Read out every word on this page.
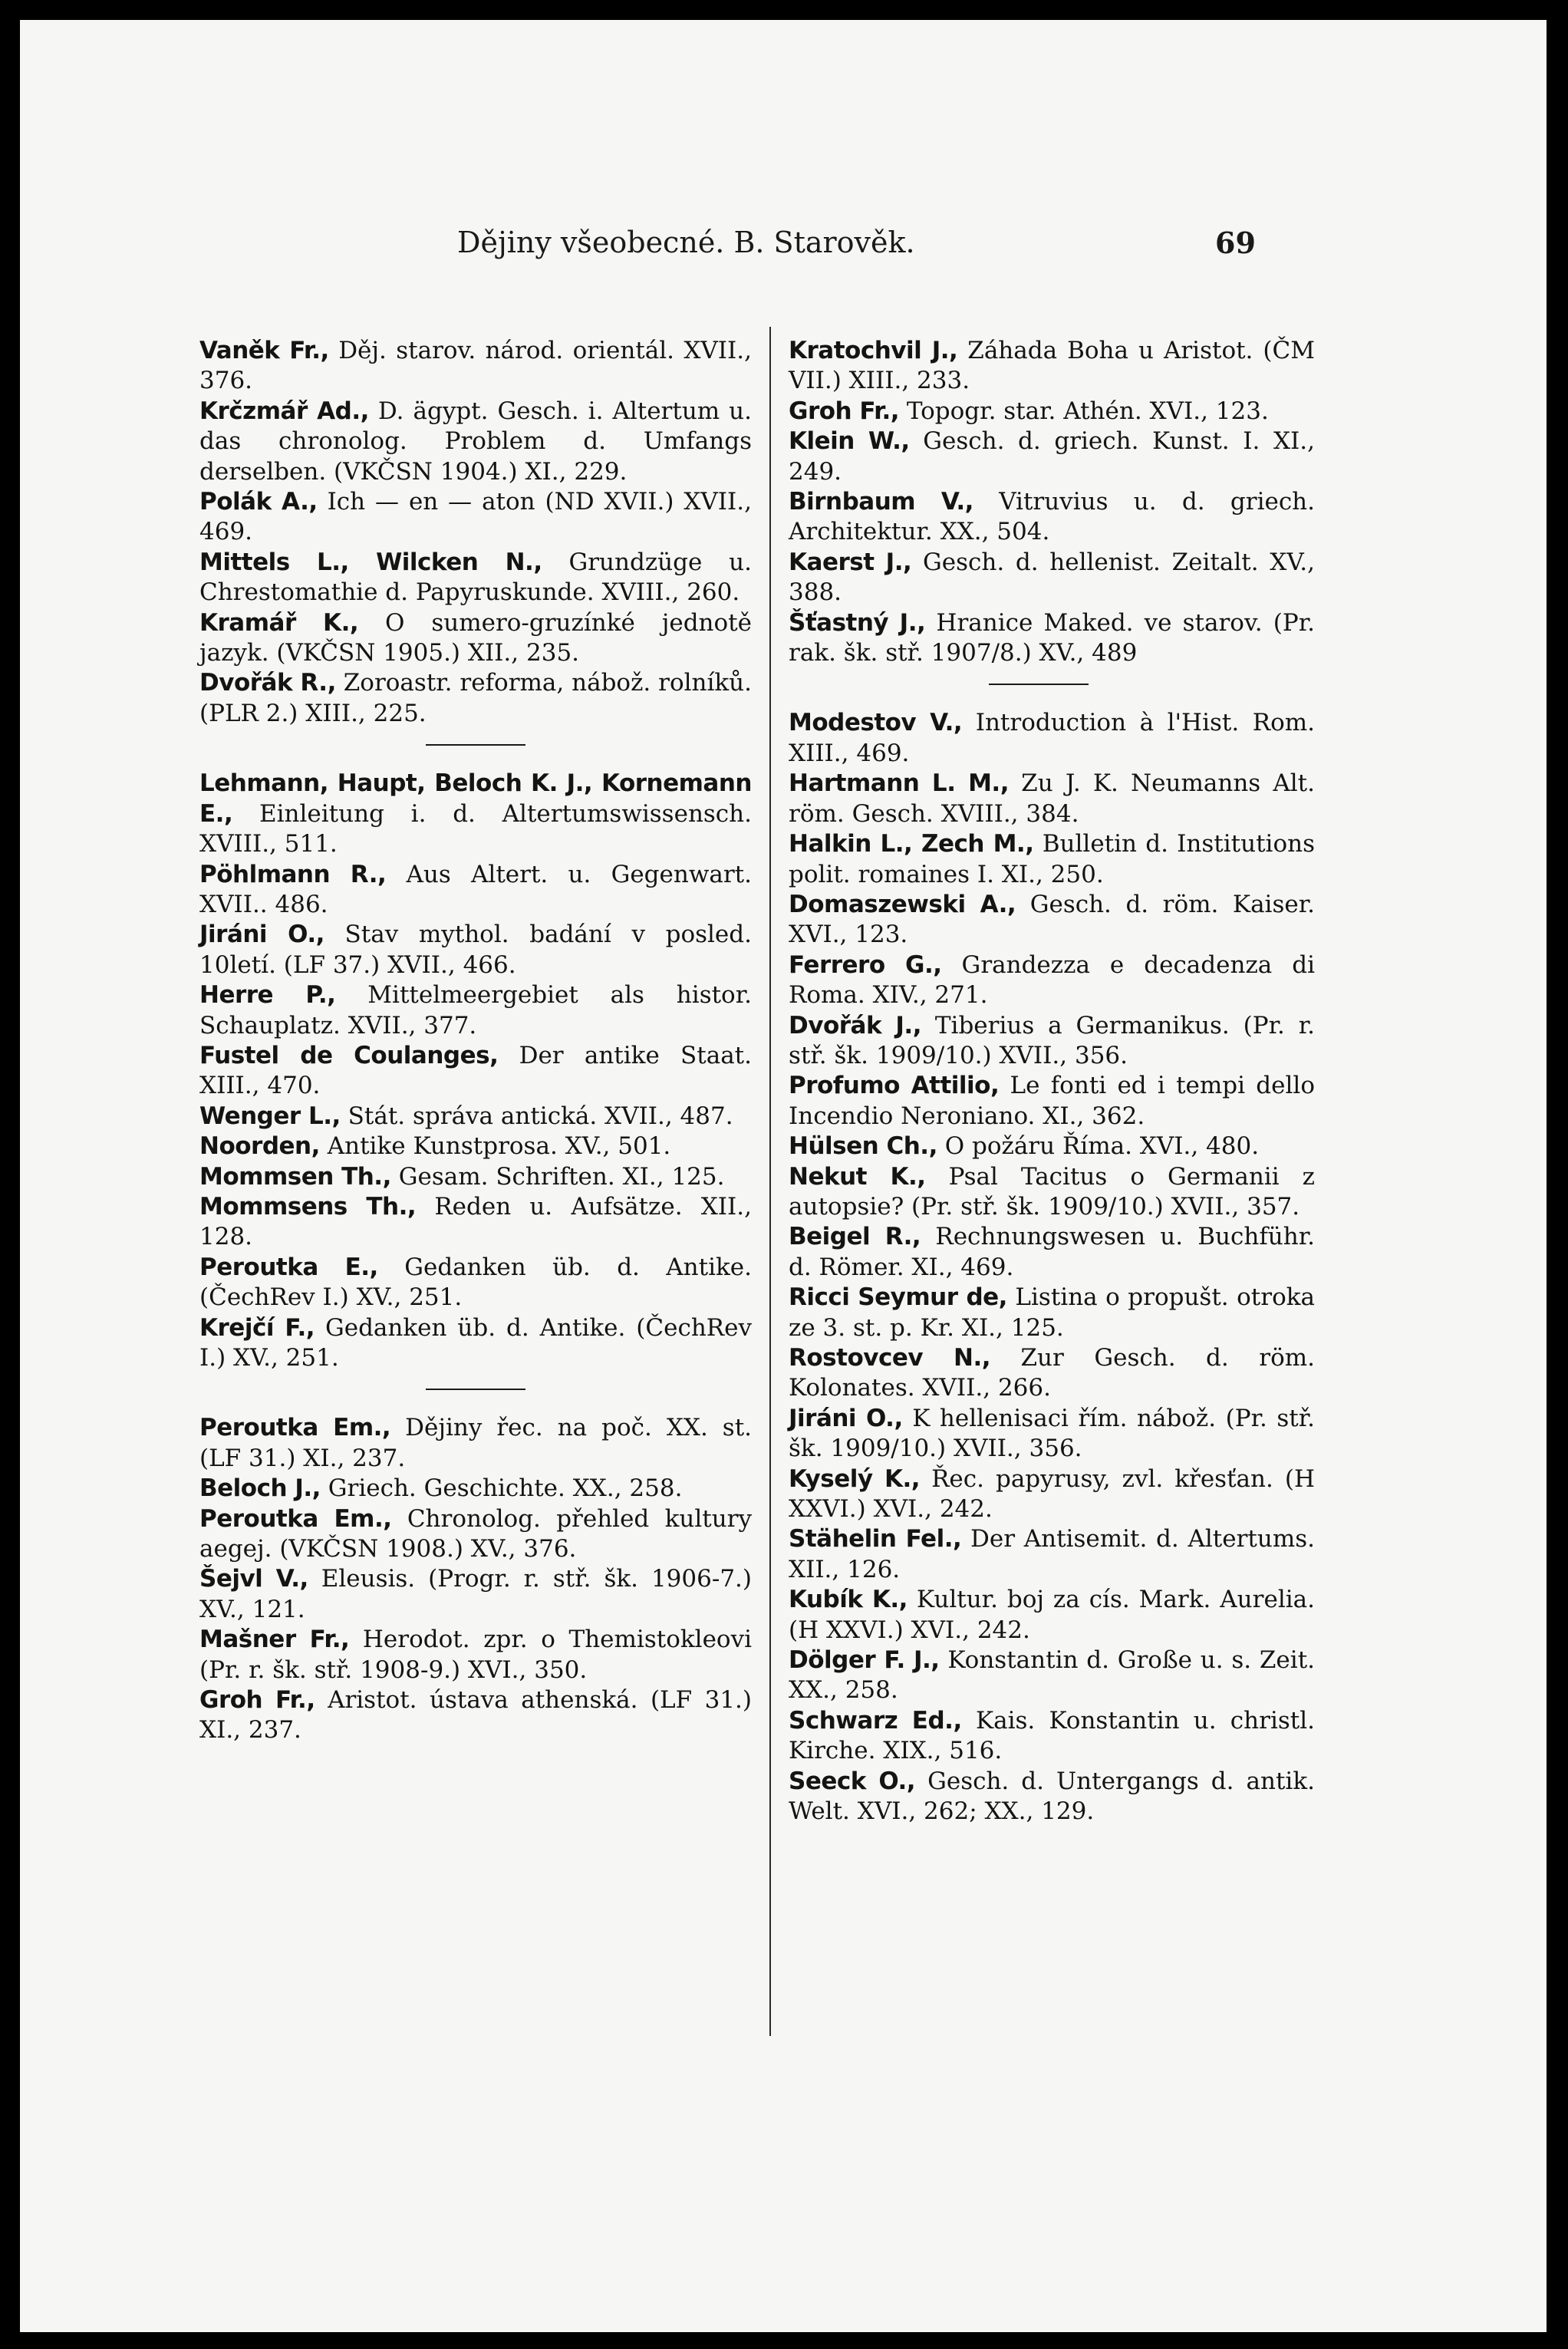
Dějiny všeobecné. B. Starověk.	69

Vaněk Fr., Děj. starov. národ. orientál. XVII., 376.

Krčzmář Ad., D. ägypt. Gesch. i. Altertum u. das chronolog. Problem d. Umfangs derselben. (VKČSN 1904.) XI., 229.

Polák A., Ich — en — aton (ND XVII.) XVII., 469.

Mittels L., Wilcken N., Grundzüge u. Chrestomathie d. Papyruskunde. XVIII., 260.

Kramář K., O sumero-gruzínké jednotě jazyk. (VKČSN 1905.) XII., 235.

Dvořák R., Zoroastr. reforma, nábož. rolníků. (PLR 2.) XIII., 225.

Lehmann, Haupt, Beloch K. J., Kornemann E., Einleitung i. d. Altertumswissensch. XVIII., 511.

Pöhlmann R., Aus Altert. u. Gegenwart. XVII.. 486.

Jiráni O., Stav mythol. badání v posled. 10letí. (LF 37.) XVII., 466.

Herre P., Mittelmeergebiet als histor. Schauplatz. XVII., 377.

Fustel de Coulanges, Der antike Staat. XIII., 470.

Wenger L., Stát. správa antická. XVII., 487.

Noorden, Antike Kunstprosa. XV., 501.

Mommsen Th., Gesam. Schriften. XI., 125.

Mommsens Th., Reden u. Aufsätze. XII., 128.

Peroutka E., Gedanken üb. d. Antike. (ČechRev I.) XV., 251.

Krejčí F., Gedanken üb. d. Antike. (ČechRev I.) XV., 251.

Peroutka Em., Dějiny řec. na poč. XX. st. (LF 31.) XI., 237.

Beloch J., Griech. Geschichte. XX., 258.

Peroutka Em., Chronolog. přehled kultury aegej. (VKČSN 1908.) XV., 376.

Šejvl V., Eleusis. (Progr. r. stř. šk. 1906-7.) XV., 121.

Mašner Fr., Herodot. zpr. o Themistokleovi (Pr. r. šk. stř. 1908-9.) XVI., 350.

Groh Fr., Aristot. ústava athenská. (LF 31.) XI., 237.

Kratochvil J., Záhada Boha u Aristot. (ČM VII.) XIII., 233.

Groh Fr., Topogr. star. Athén. XVI., 123.

Klein W., Gesch. d. griech. Kunst. I. XI., 249.

Birnbaum V., Vitruvius u. d. griech. Architektur. XX., 504.

Kaerst J., Gesch. d. hellenist. Zeitalt. XV., 388.

Šťastný J., Hranice Maked. ve starov. (Pr. rak. šk. stř. 1907/8.) XV., 489

Modestov V., Introduction à l'Hist. Rom. XIII., 469.

Hartmann L. M., Zu J. K. Neumanns Alt. röm. Gesch. XVIII., 384.

Halkin L., Zech M., Bulletin d. Institutions polit. romaines I. XI., 250.

Domaszewski A., Gesch. d. röm. Kaiser. XVI., 123.

Ferrero G., Grandezza e decadenza di Roma. XIV., 271.

Dvořák J., Tiberius a Germanikus. (Pr. r. stř. šk. 1909/10.) XVII., 356.

Profumo Attilio, Le fonti ed i tempi dello Incendio Neroniano. XI., 362.

Hülsen Ch., O požáru Říma. XVI., 480.

Nekut K., Psal Tacitus o Germanii z autopsie? (Pr. stř. šk. 1909/10.) XVII., 357.

Beigel R., Rechnungswesen u. Buchführ. d. Römer. XI., 469.

Ricci Seymur de, Listina o propušt. otroka ze 3. st. p. Kr. XI., 125.

Rostovcev N., Zur Gesch. d. röm. Kolonates. XVII., 266.

Jiráni O., K hellenisaci řím. nábož. (Pr. stř. šk. 1909/10.) XVII., 356.

Kyselý K., Řec. papyrusy, zvl. křesťan. (H XXVI.) XVI., 242.

Stähelin Fel., Der Antisemit. d. Altertums. XII., 126.

Kubík K., Kultur. boj za cís. Mark. Aurelia. (H XXVI.) XVI., 242.

Dölger F. J., Konstantin d. Große u. s. Zeit. XX., 258.

Schwarz Ed., Kais. Konstantin u. christl. Kirche. XIX., 516.

Seeck O., Gesch. d. Untergangs d. antik. Welt. XVI., 262; XX., 129.
